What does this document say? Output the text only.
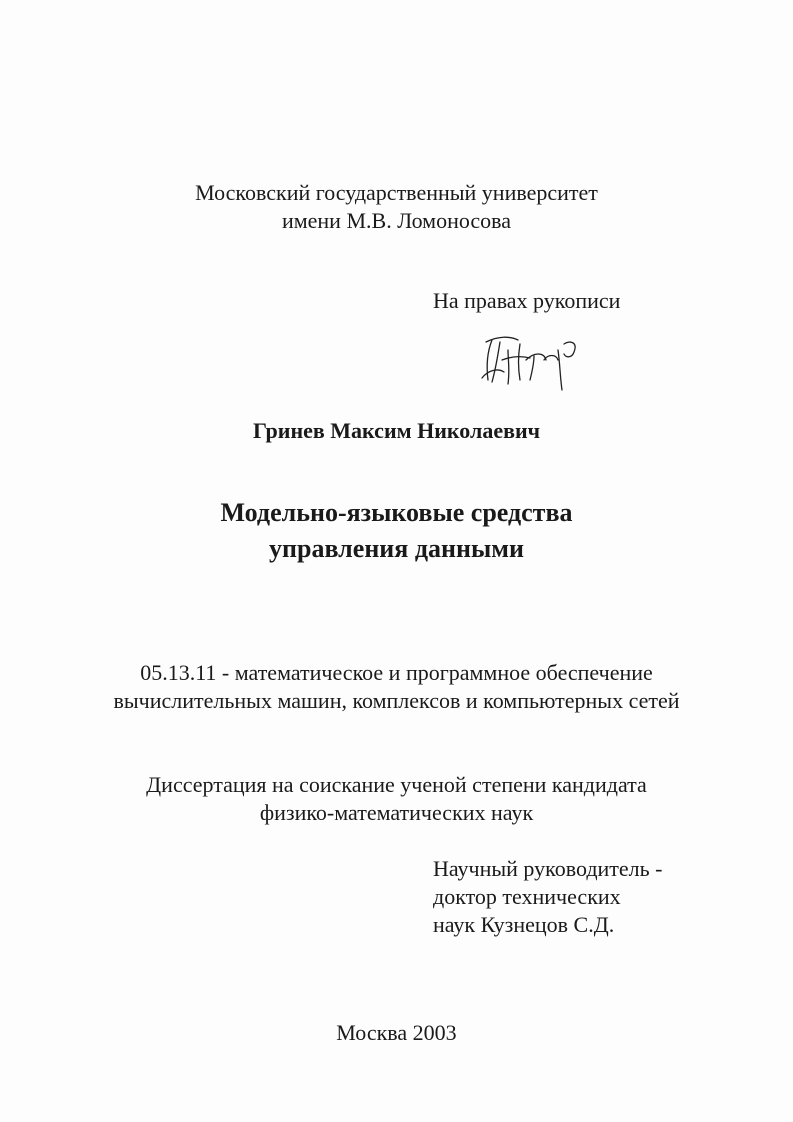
Московский государственный университет
имени М.В. Ломоносова
На правах рукописи
Гринев Максим Николаевич
Модельно-языковые средства
управления данными
05.13.11 - математическое и программное обеспечение
вычислительных машин, комплексов и компьютерных сетей
Диссертация на соискание ученой степени кандидата
физико-математических наук
Научный руководитель -
доктор технических
наук Кузнецов С.Д.
Москва 2003
